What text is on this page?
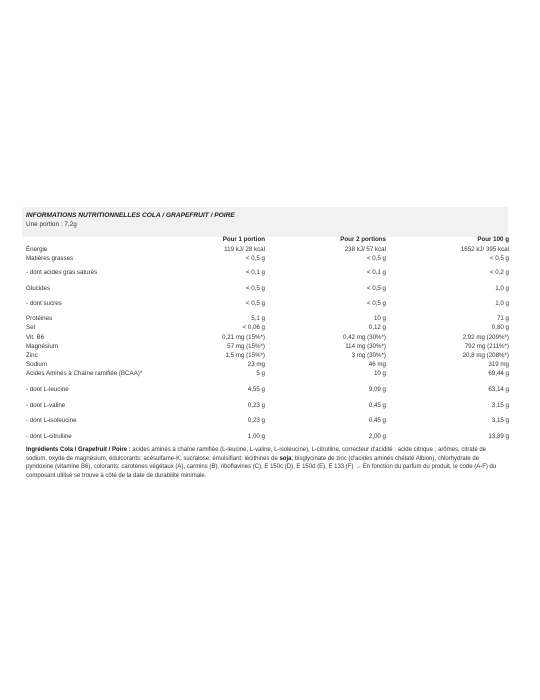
INFORMATIONS NUTRITIONNELLES COLA / GRAPEFRUIT / POIRE
Une portion : 7,2g
Pour 1 portion	Pour 2 portions	Pour 100 g
Énergie	119 kJ/ 28 kcal	238 kJ/ 57 kcal	1652 kJ/ 395 kcal
Matières grasses	< 0,5 g	< 0,5 g	< 0,5 g
- dont acides gras saturés	< 0,1 g	< 0,1 g	< 0,2 g
Glucides	< 0,5 g	< 0,5 g	1,0 g
- dont sucres	< 0,5 g	< 0,5 g	1,0 g
Protéines	5,1 g	10 g	71 g
Sel	< 0,06 g	0,12 g	0,80 g
Vit. B6	0,21 mg (15%*)	0,42 mg (30%*)	2,92 mg (209%*)
Magnésium	57 mg (15%*)	114 mg (30%*)	792 mg (211%*)
Zinc	1,5 mg (15%*)	3 mg (30%*)	20,8 mg (208%*)
Sodium	23 mg	46 mg	319 mg
Acides Aminés à Chaîne ramifiée (BCAA)*	5 g	10 g	69,44 g
- dont L-leucine	4,55 g	9,09 g	63,14 g
- dont L-valine	0,23 g	0,45 g	3,15 g
- dont L-isoleucine	0,23 g	0,45 g	3,15 g
- dont L-citrulline	1,00 g	2,00 g	13,89 g
Ingrédients Cola / Grapefruit / Poire : acides aminés à chaîne ramifiée (L-leucine, L-valine, L-isoleucine), L-citrulline, correcteur d'acidité : acide citrique ; arômes, citrate de sodium, oxyde de magnésium, édulcorants: acésulfame-K, sucralose; émulsifiant: lécithines de soja; bisglycinate de zinc (d'acides aminés chélaté Albion), chlorhydrate de pyridoxine (vitamine B6), colorants: carotènes végétaux (A), carmins (B), riboflavines (C), E 150c (D), E 150d (E), E 133 (F) → En fonction du parfum du produit, le code (A-F) du composant utilisé se trouve à côté de la date de durabilité minimale.
